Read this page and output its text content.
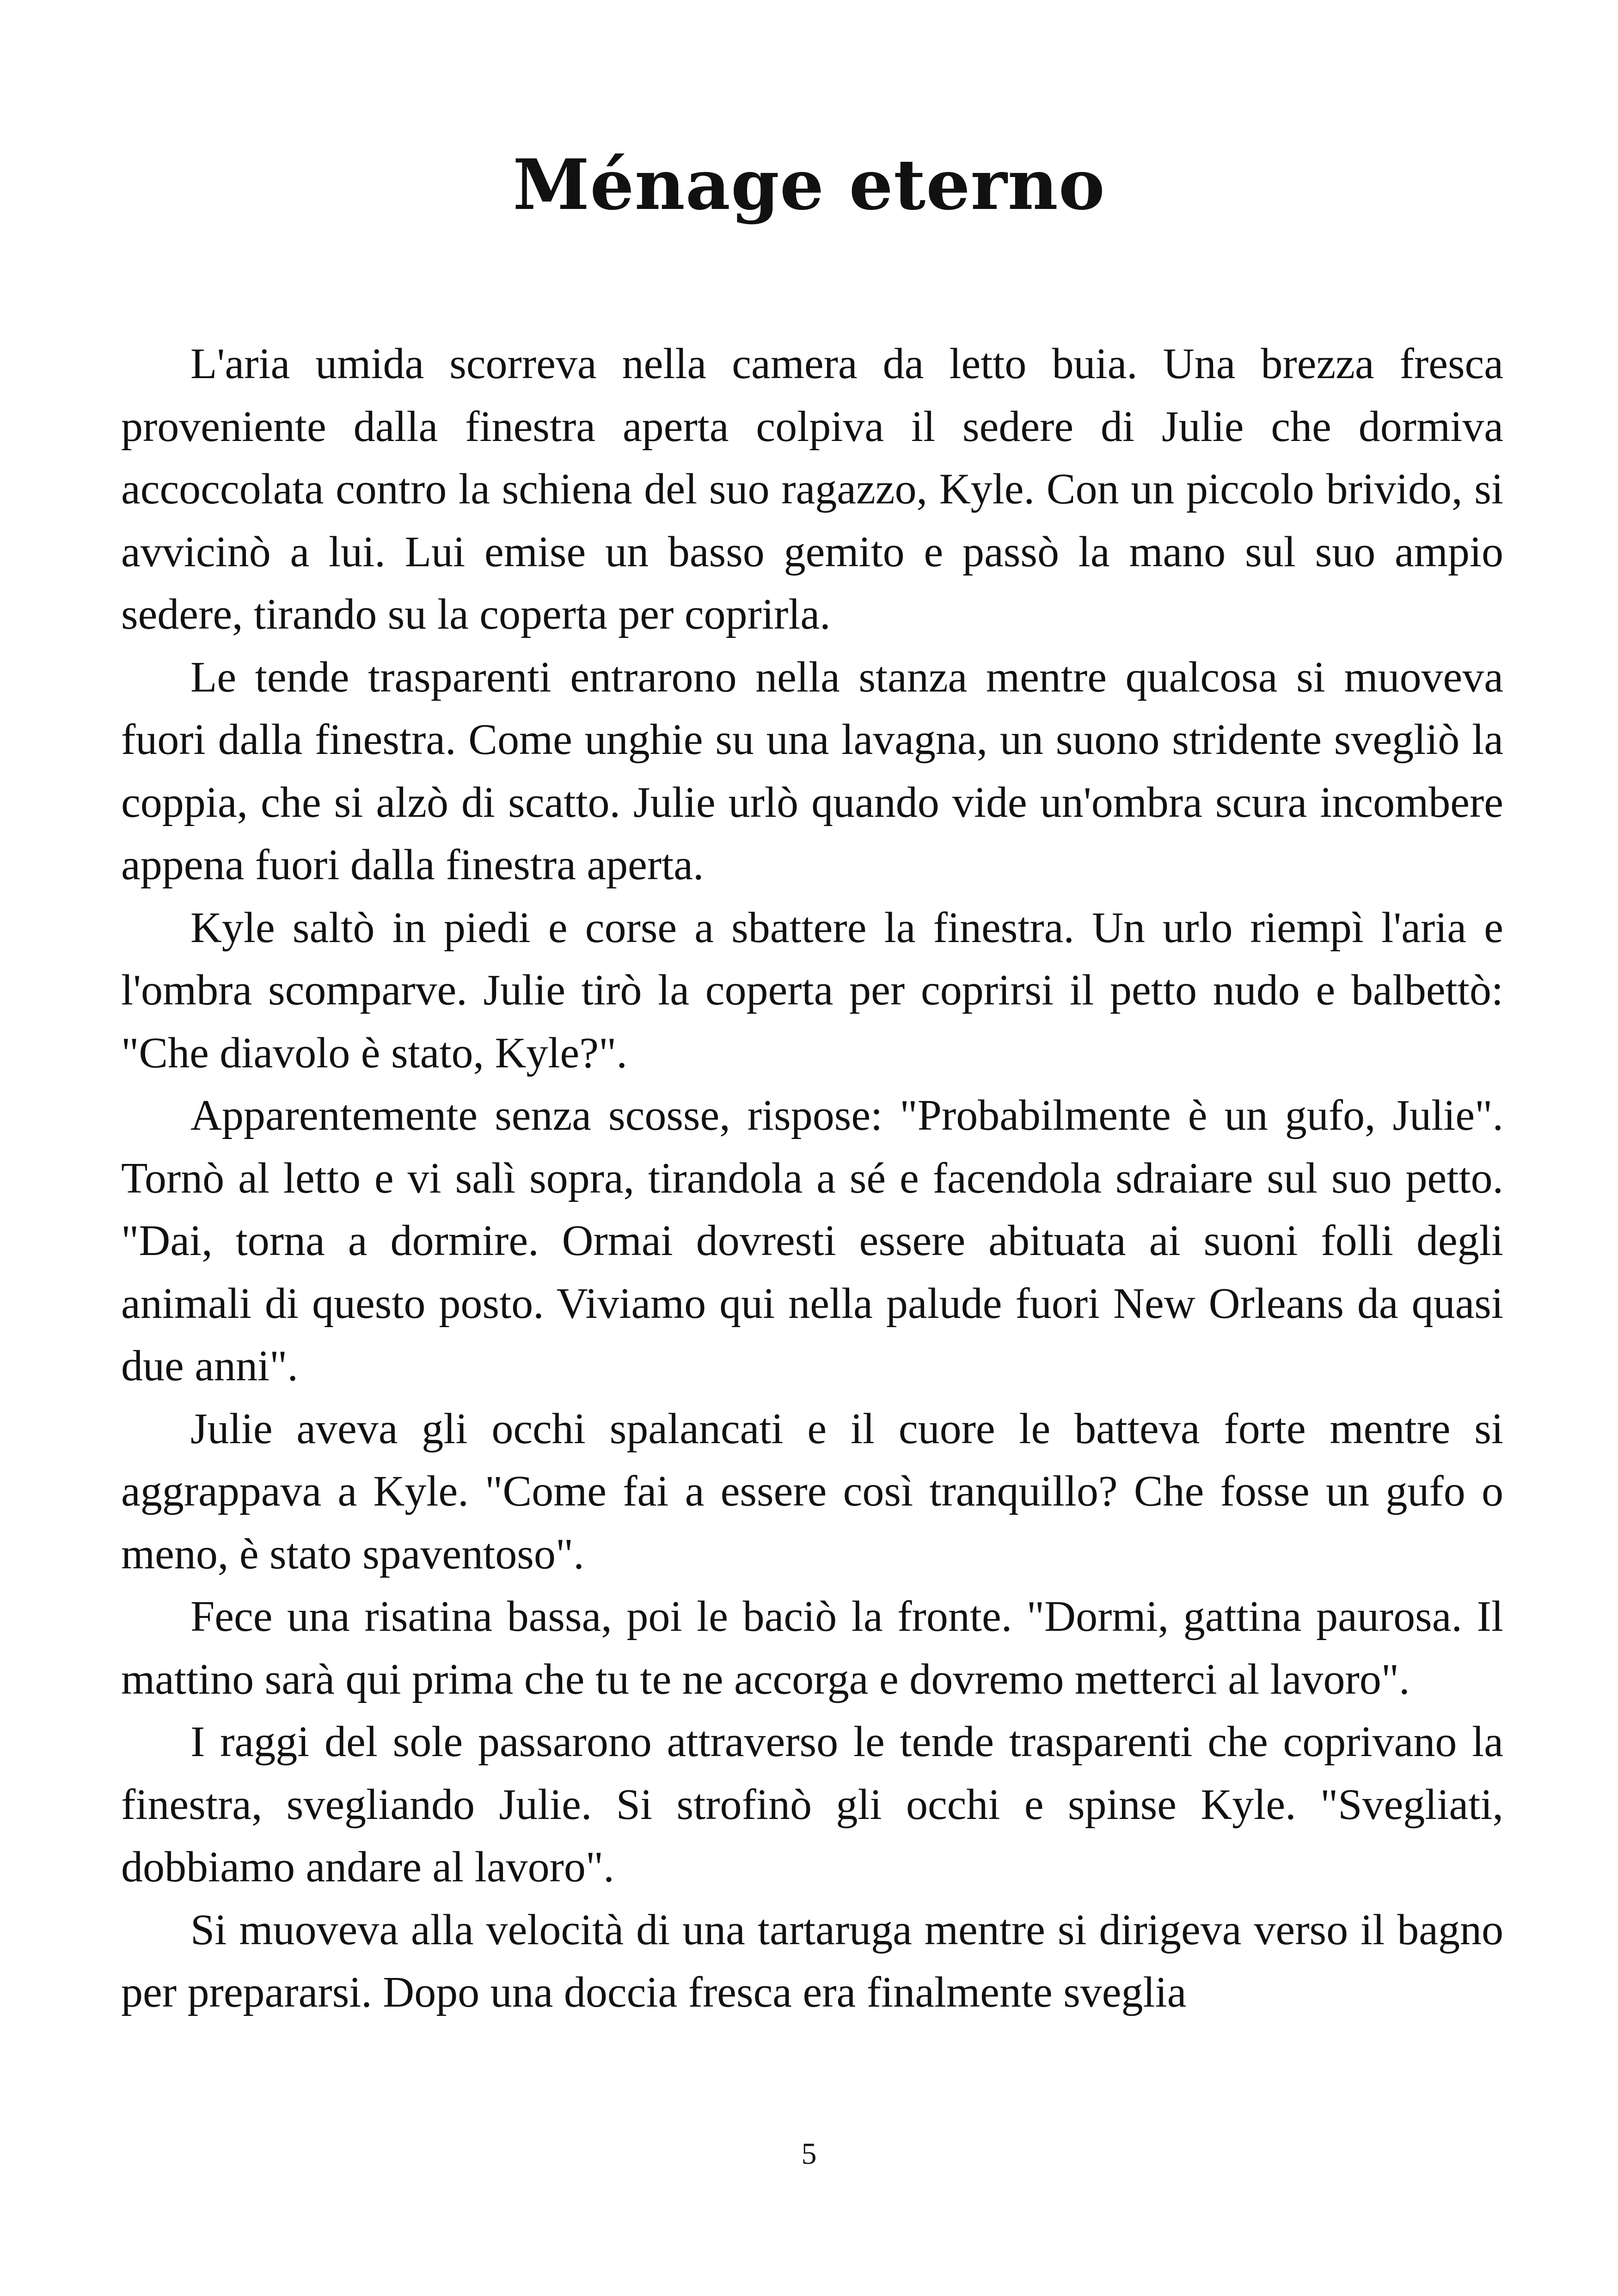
Ménage eterno

L'aria umida scorreva nella camera da letto buia. Una brezza fresca proveniente dalla finestra aperta colpiva il sedere di Julie che dormiva accoccolata contro la schiena del suo ragazzo, Kyle. Con un piccolo brivido, si avvicinò a lui. Lui emise un basso gemito e passò la mano sul suo ampio sedere, tirando su la coperta per coprirla.

Le tende trasparenti entrarono nella stanza mentre qualcosa si muoveva fuori dalla finestra. Come unghie su una lavagna, un suono stridente svegliò la coppia, che si alzò di scatto. Julie urlò quando vide un'ombra scura incombere appena fuori dalla finestra aperta.

Kyle saltò in piedi e corse a sbattere la finestra. Un urlo riempì l'aria e l'ombra scomparve. Julie tirò la coperta per coprirsi il petto nudo e balbettò: "Che diavolo è stato, Kyle?".

Apparentemente senza scosse, rispose: "Probabilmente è un gufo, Julie". Tornò al letto e vi salì sopra, tirandola a sé e facendola sdraiare sul suo petto. "Dai, torna a dormire. Ormai dovresti essere abituata ai suoni folli degli animali di questo posto. Viviamo qui nella palude fuori New Orleans da quasi due anni".

Julie aveva gli occhi spalancati e il cuore le batteva forte mentre si aggrappava a Kyle. "Come fai a essere così tranquillo? Che fosse un gufo o meno, è stato spaventoso".

Fece una risatina bassa, poi le baciò la fronte. "Dormi, gattina paurosa. Il mattino sarà qui prima che tu te ne accorga e dovremo metterci al lavoro".

I raggi del sole passarono attraverso le tende trasparenti che coprivano la finestra, svegliando Julie. Si strofinò gli occhi e spinse Kyle. "Svegliati, dobbiamo andare al lavoro".

Si muoveva alla velocità di una tartaruga mentre si dirigeva verso il bagno per prepararsi. Dopo una doccia fresca era finalmente sveglia

5
